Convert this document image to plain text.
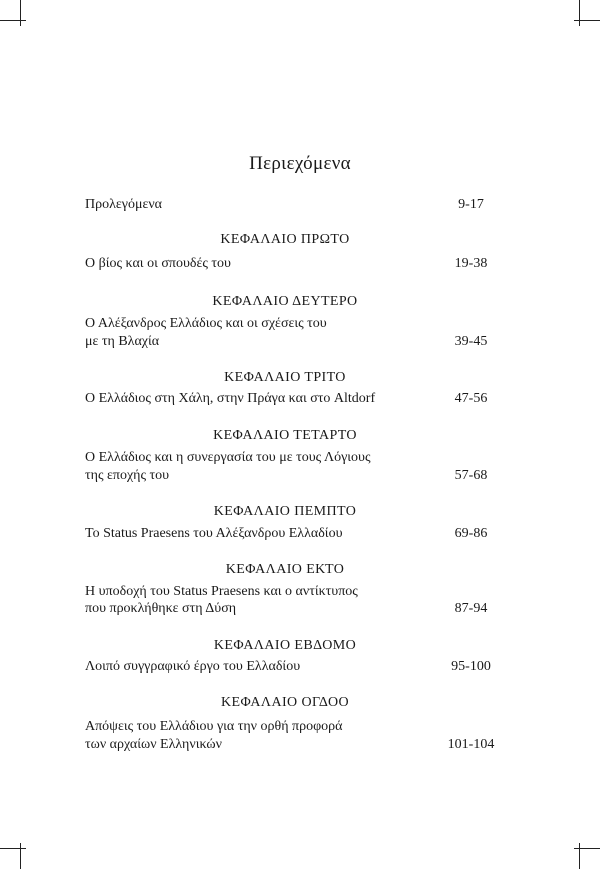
Περιεχόμενα
Προλεγόμενα	9-17
ΚΕΦΑΛΑΙΟ ΠΡΩΤΟ
Ο βίος και οι σπουδές του	19-38
ΚΕΦΑΛΑΙΟ ΔΕΥΤΕΡΟ
Ο Αλέξανδρος Ελλάδιος και οι σχέσεις του
με τη Βλαχία	39-45
ΚΕΦΑΛΑΙΟ ΤΡΙΤΟ
Ο Ελλάδιος στη Χάλη, στην Πράγα και στο Altdorf	47-56
ΚΕΦΑΛΑΙΟ ΤΕΤΑΡΤΟ
Ο Ελλάδιος και η συνεργασία του με τους Λόγιους
της εποχής του	57-68
ΚΕΦΑΛΑΙΟ ΠΕΜΠΤΟ
To Status Praesens του Αλέξανδρου Ελλαδίου	69-86
ΚΕΦΑΛΑΙΟ ΕΚΤΟ
Η υποδοχή του Status Praesens και ο αντίκτυπος
που προκλήθηκε στη Δύση	87-94
ΚΕΦΑΛΑΙΟ ΕΒΔΟΜΟ
Λοιπό συγγραφικό έργο του Ελλαδίου	95-100
ΚΕΦΑΛΑΙΟ ΟΓΔΟΟ
Απόψεις του Ελλάδιου για την ορθή προφορά
των αρχαίων Ελληνικών	101-104
